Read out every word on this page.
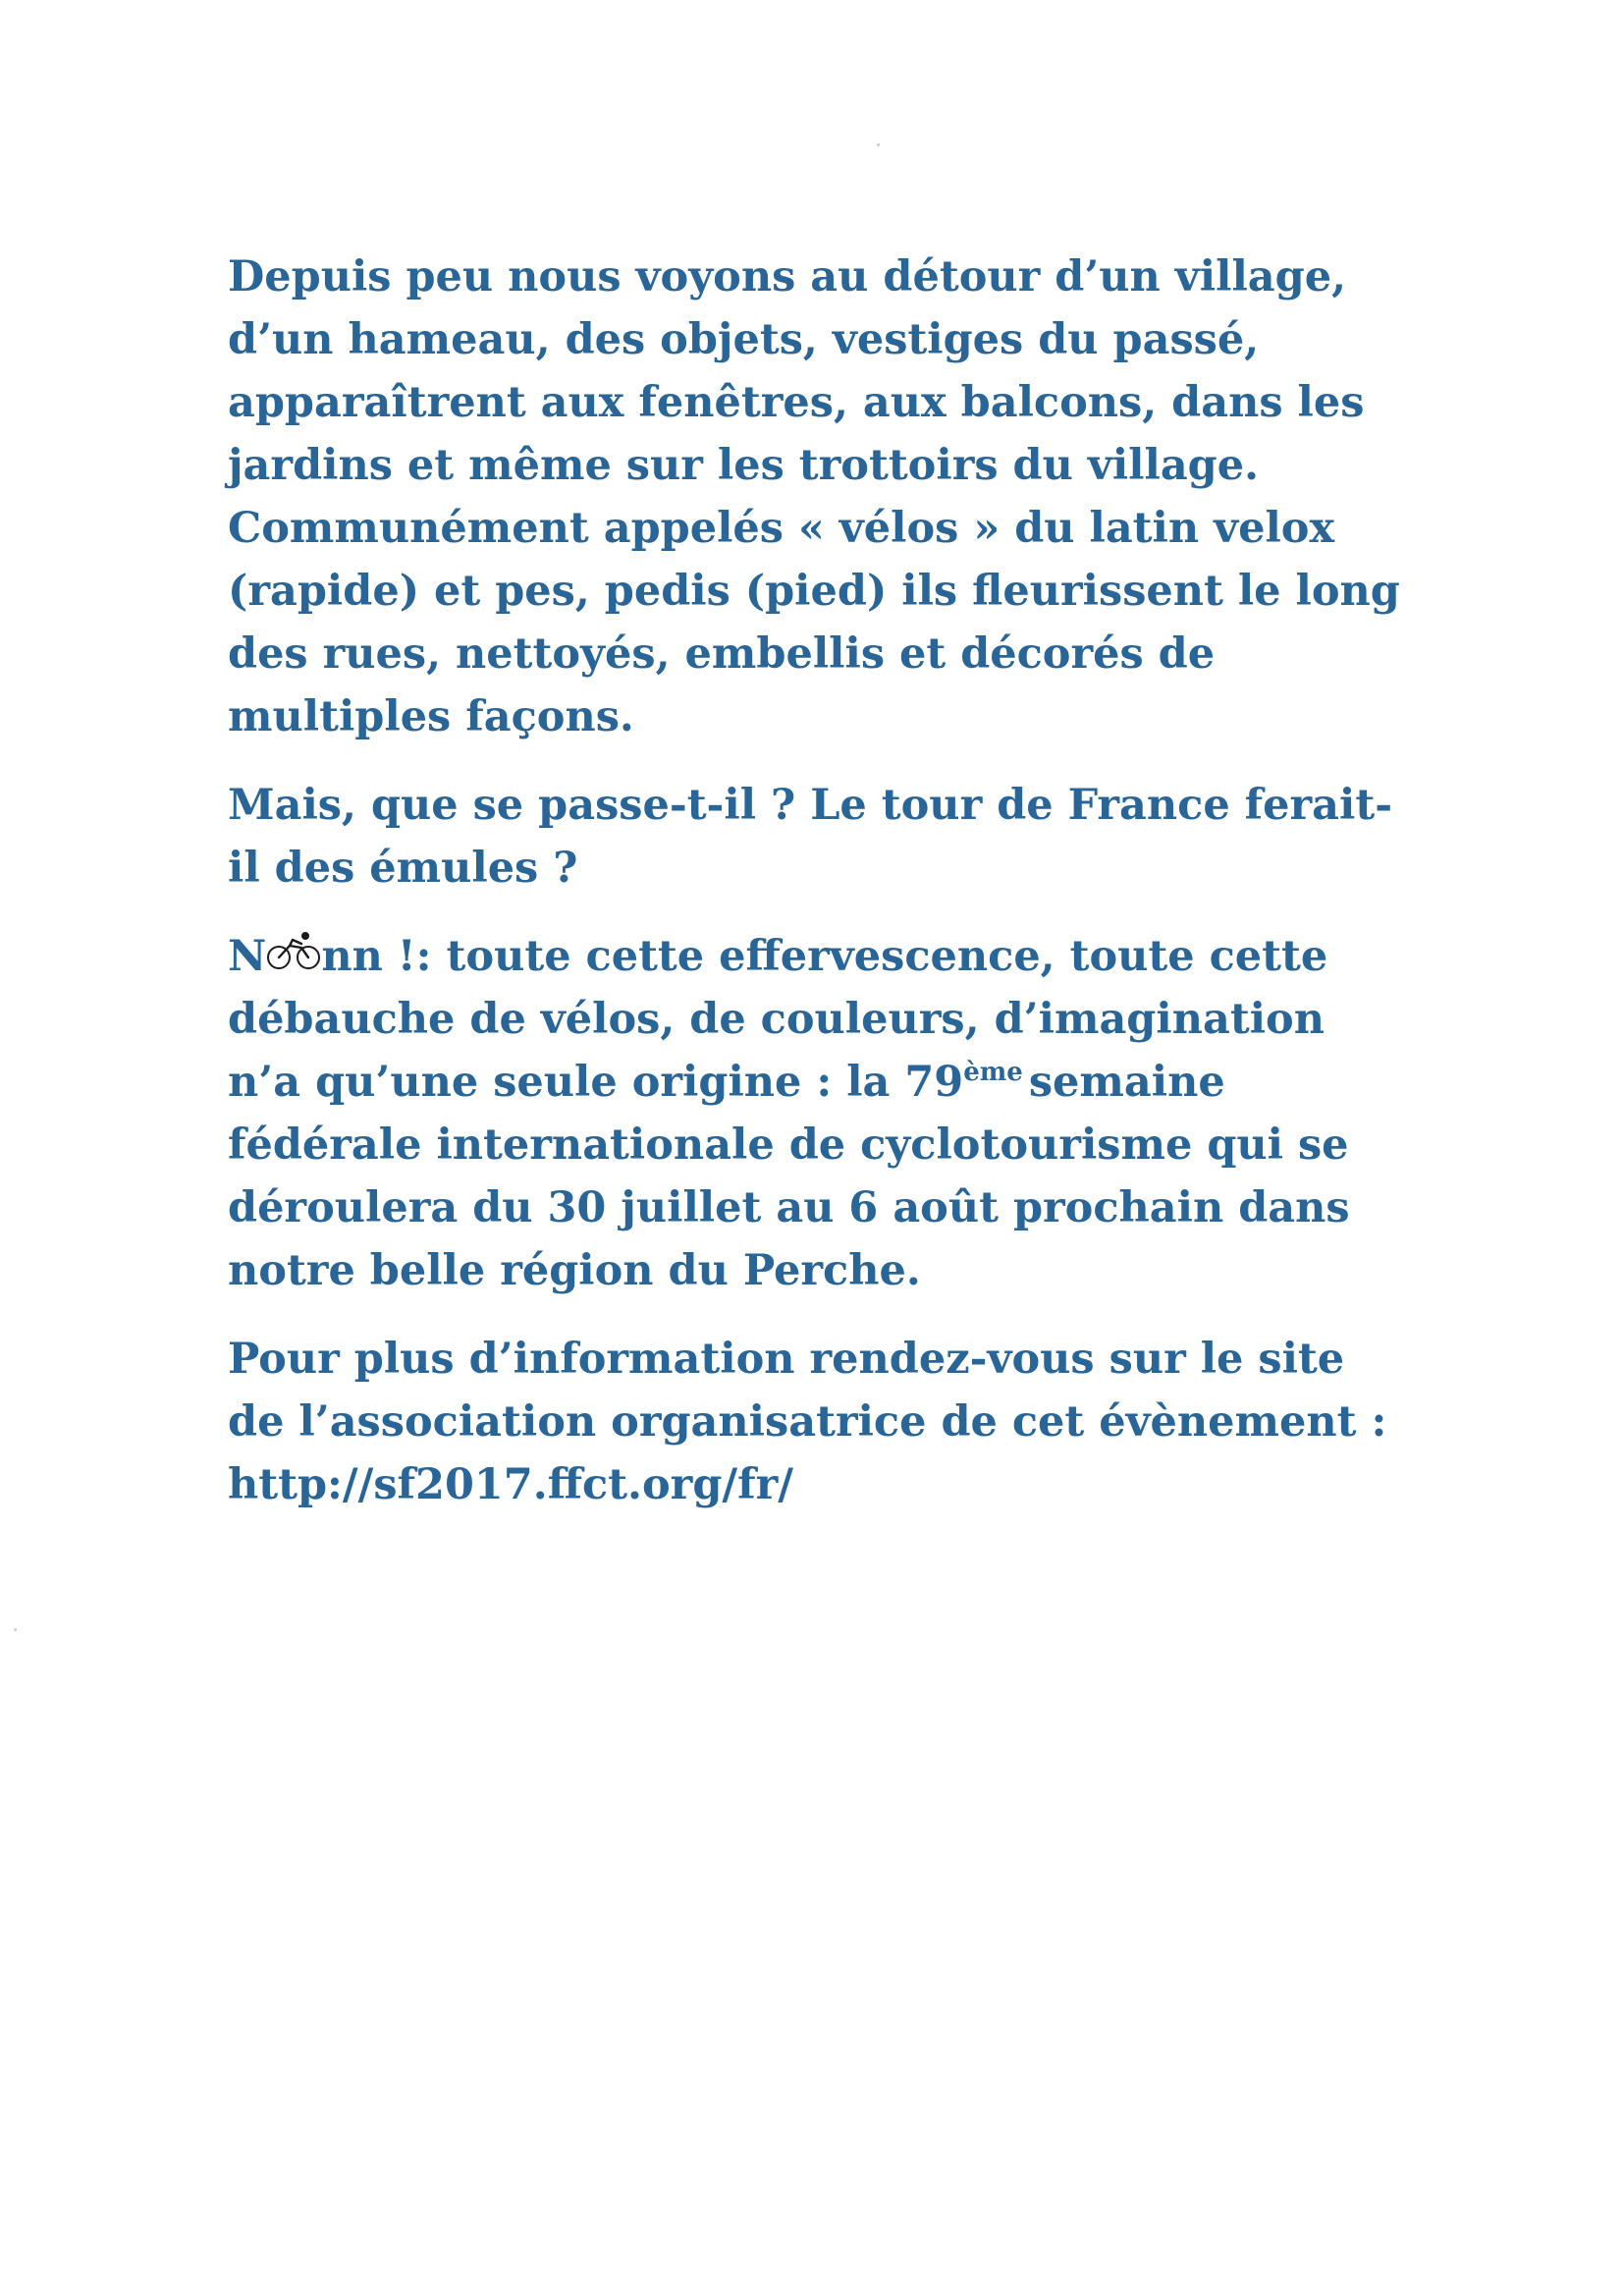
Depuis peu nous voyons au détour d’un village,
d’un hameau, des objets, vestiges du passé,
apparaîtrent aux fenêtres, aux balcons, dans les
jardins et même sur les trottoirs du village.
Communément appelés « vélos » du latin velox
(rapide) et pes, pedis (pied) ils fleurissent le long
des rues, nettoyés, embellis et décorés de
multiples façons.
Mais, que se passe-t-il ? Le tour de France ferait-
il des émules ?
N nn !: toute cette effervescence, toute cette
débauche de vélos, de couleurs, d’imagination
n’a qu’une seule origine : la 79ème semaine
fédérale internationale de cyclotourisme qui se
déroulera du 30 juillet au 6 août prochain dans
notre belle région du Perche.
Pour plus d’information rendez-vous sur le site
de l’association organisatrice de cet évènement :
http://sf2017.ffct.org/fr/
